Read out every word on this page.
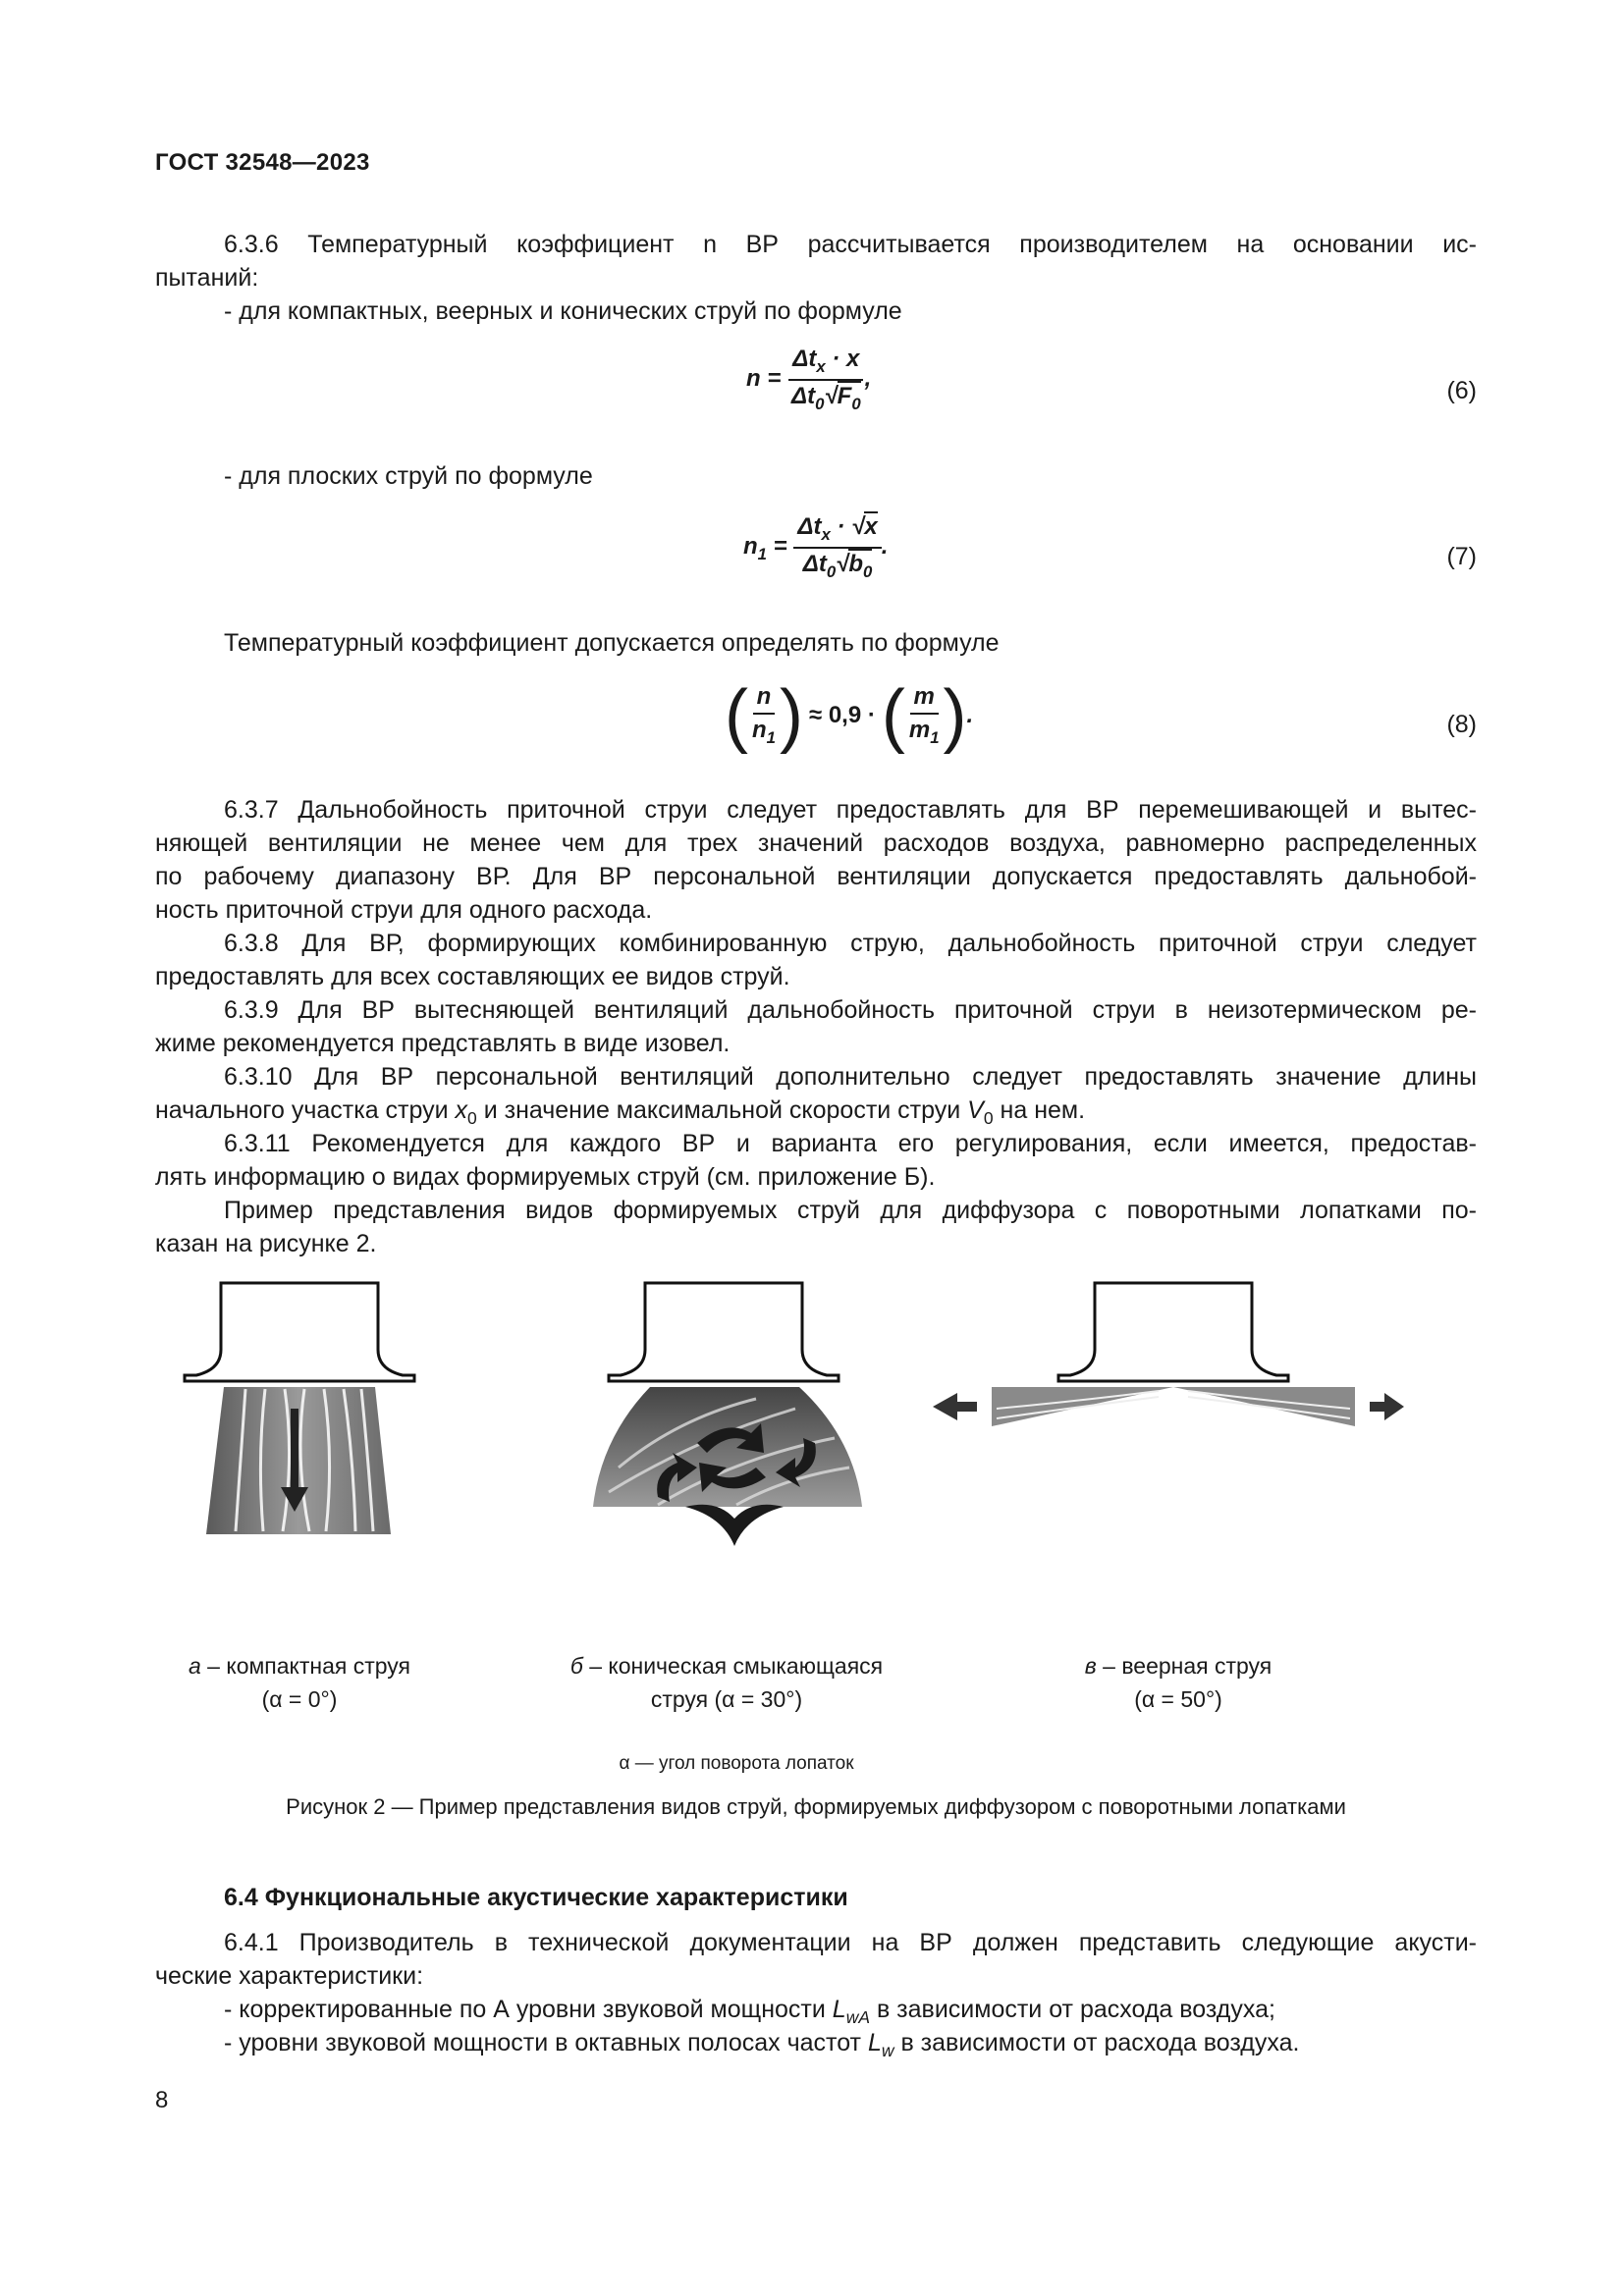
ГОСТ 32548—2023
6.3.6 Температурный коэффициент n ВР рассчитывается производителем на основании ис-
пытаний:
- для компактных, веерных и конических струй по формуле
$n = \frac{\Delta t_x \cdot x}{\Delta t_0√F_0}$ ,	(6)
- для плоских струй по формуле
$n_1 = \frac{\Delta t_x \cdot √x}{\Delta t_0√b_0}$ .	(7)
Температурный коэффициент допускается определять по формуле
( $\frac{n}{n_1}$ ) ≈ 0,9 · ( $\frac{m}{m_1}$ ) .	(8)
6.3.7 Дальнобойность приточной струи следует предоставлять для ВР перемешивающей и вытес-
няющей вентиляции не менее чем для трех значений расходов воздуха, равномерно распределенных
по рабочему диапазону ВР. Для ВР персональной вентиляции допускается предоставлять дальнобой-
ность приточной струи для одного расхода.
6.3.8 Для ВР, формирующих комбинированную струю, дальнобойность приточной струи следует
предоставлять для всех составляющих ее видов струй.
6.3.9 Для ВР вытесняющей вентиляций дальнобойность приточной струи в неизотермическом ре-
жиме рекомендуется представлять в виде изовел.
6.3.10 Для ВР персональной вентиляций дополнительно следует предоставлять значение длины
начального участка струи $x_0$ и значение максимальной скорости струи $V_0$ на нем.
6.3.11 Рекомендуется для каждого ВР и варианта его регулирования, если имеется, предостав-
лять информацию о видах формируемых струй (см. приложение Б).
Пример представления видов формируемых струй для диффузора с поворотными лопатками по-
казан на рисунке 2.
а – компактная струя
(α = 0°)
б – коническая смыкающаяся
струя (α = 30°)
в – веерная струя
(α = 50°)
α — угол поворота лопаток
Рисунок 2 — Пример представления видов струй, формируемых диффузором с поворотными лопатками
6.4 Функциональные акустические характеристики
6.4.1 Производитель в технической документации на ВР должен представить следующие акусти-
ческие характеристики:
- корректированные по А уровни звуковой мощности $L_{wA}$ в зависимости от расхода воздуха;
- уровни звуковой мощности в октавных полосах частот $L_w$ в зависимости от расхода воздуха.
8
